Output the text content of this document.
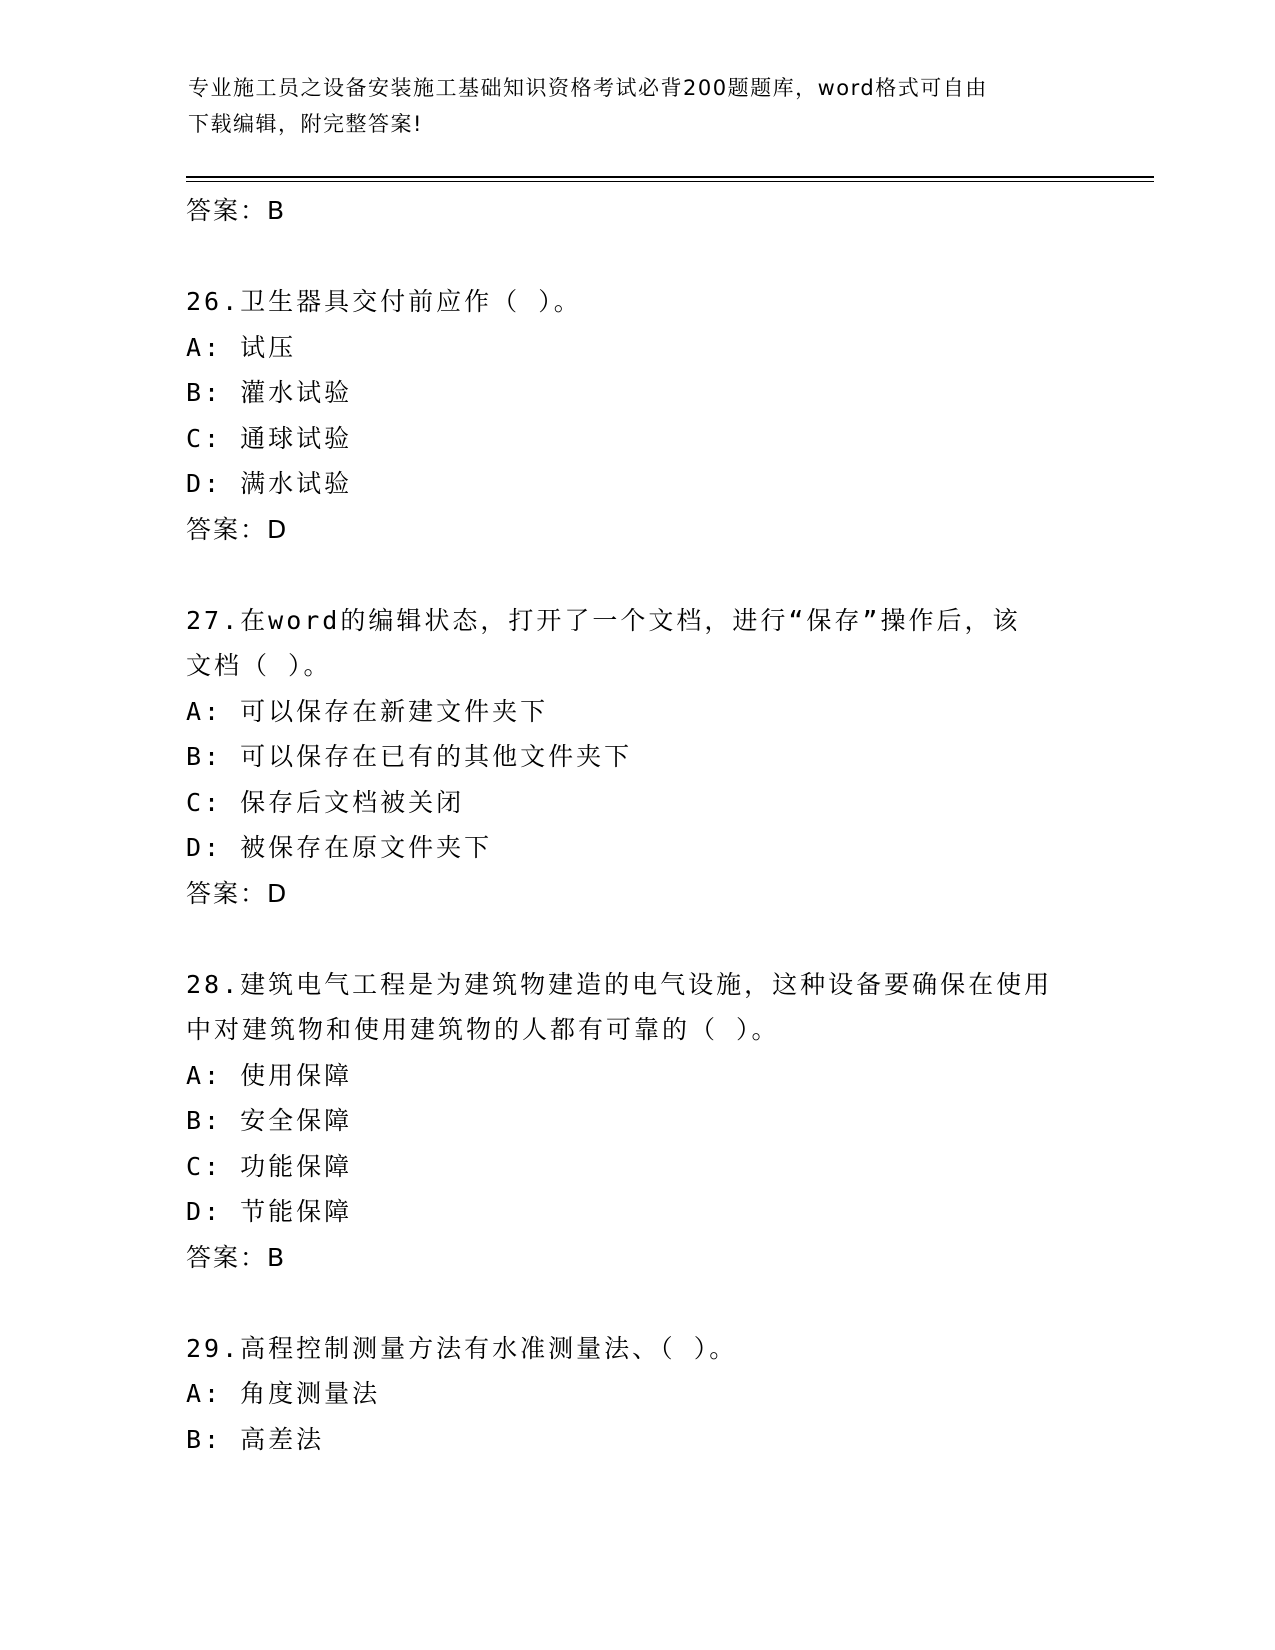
专业施工员之设备安装施工基础知识资格考试必背200题题库，word格式可自由
下载编辑，附完整答案!
答案：B
26.卫生器具交付前应作（ ）。
A: 试压
B: 灌水试验
C: 通球试验
D: 满水试验
答案：D
27.在word的编辑状态，打开了一个文档，进行“保存”操作后，该
文档（ ）。
A: 可以保存在新建文件夹下
B: 可以保存在已有的其他文件夹下
C: 保存后文档被关闭
D: 被保存在原文件夹下
答案：D
28.建筑电气工程是为建筑物建造的电气设施，这种设备要确保在使用
中对建筑物和使用建筑物的人都有可靠的（ ）。
A: 使用保障
B: 安全保障
C: 功能保障
D: 节能保障
答案：B
29.高程控制测量方法有水准测量法、（ ）。
A: 角度测量法
B: 高差法
